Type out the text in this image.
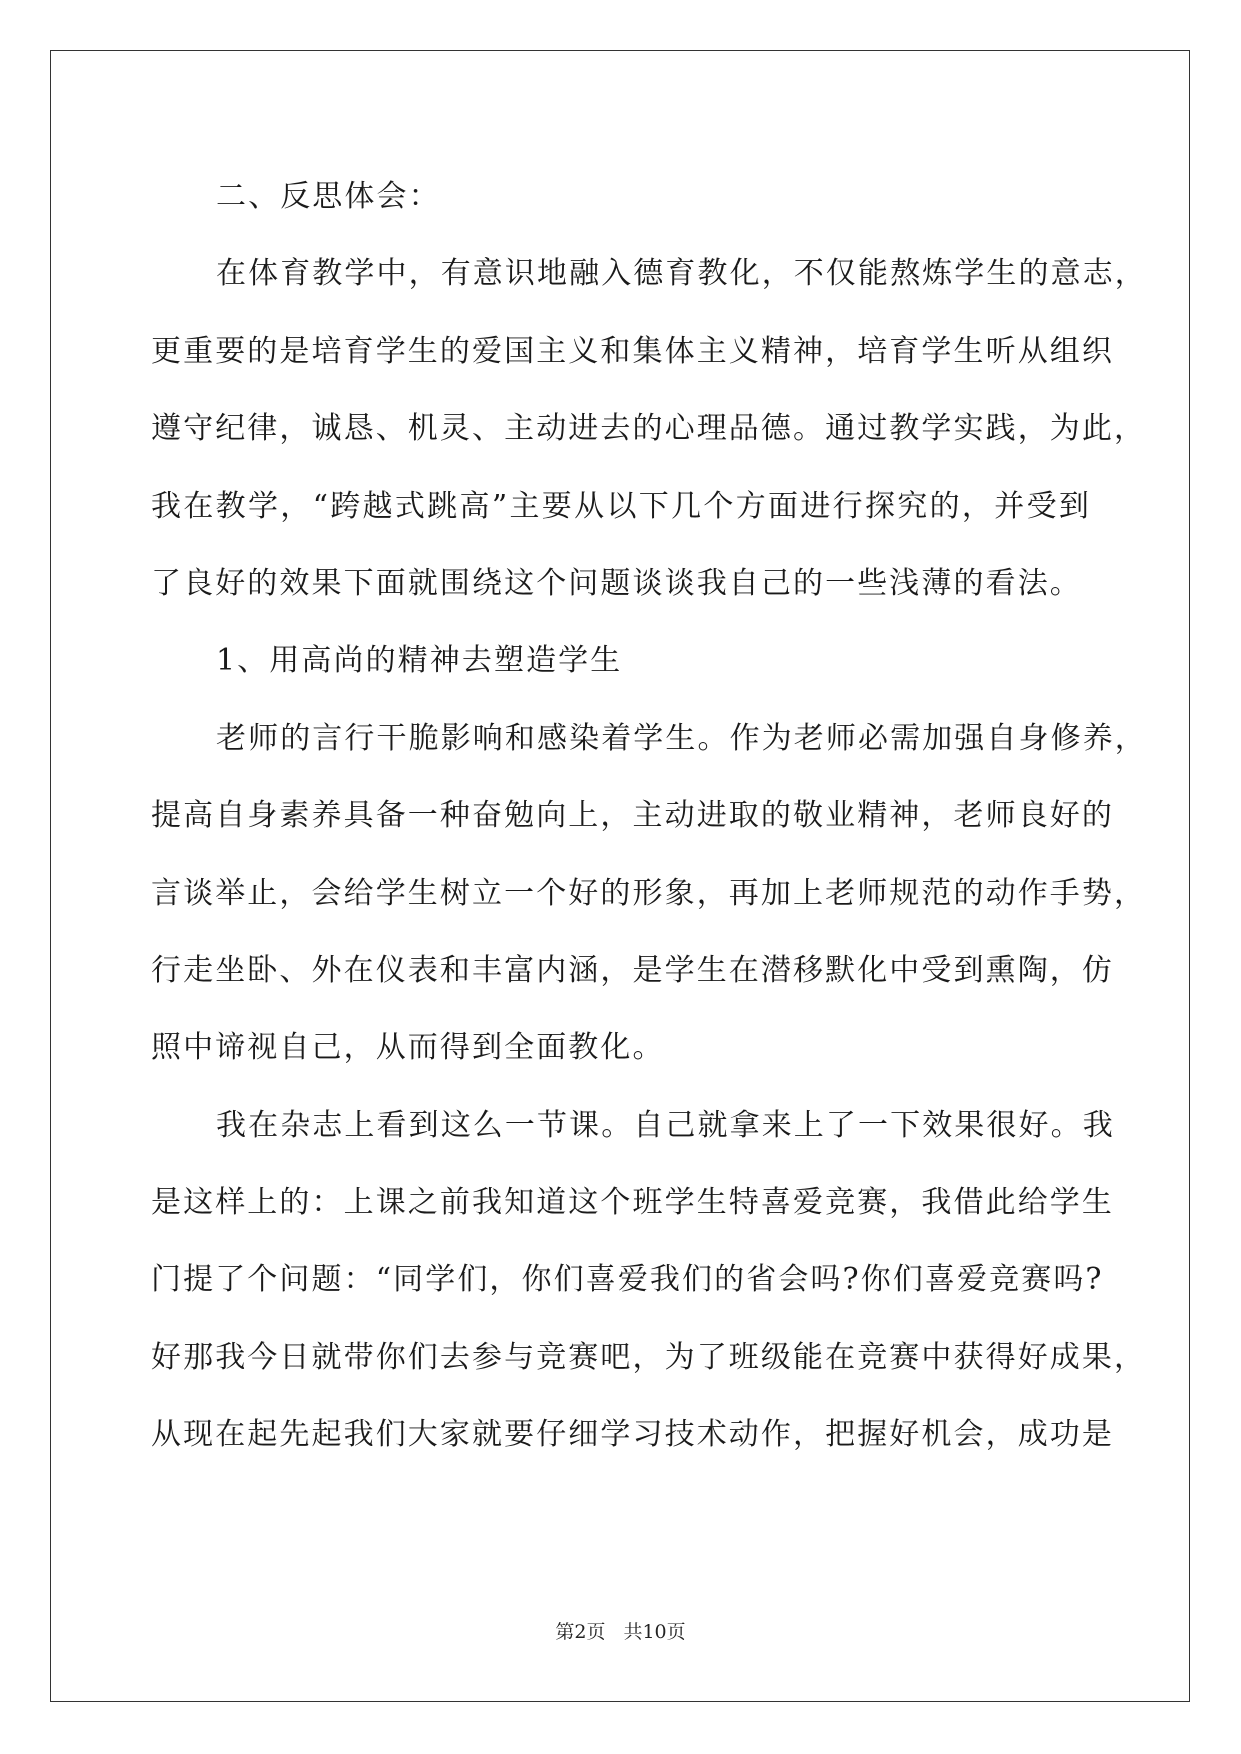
二、反思体会：
在体育教学中，有意识地融入德育教化，不仅能熬炼学生的意志，
更重要的是培育学生的爱国主义和集体主义精神，培育学生听从组织
遵守纪律，诚恳、机灵、主动进去的心理品德。通过教学实践，为此，
我在教学，“跨越式跳高”主要从以下几个方面进行探究的，并受到
了良好的效果下面就围绕这个问题谈谈我自己的一些浅薄的看法。
1、用高尚的精神去塑造学生
老师的言行干脆影响和感染着学生。作为老师必需加强自身修养，
提高自身素养具备一种奋勉向上，主动进取的敬业精神，老师良好的
言谈举止，会给学生树立一个好的形象，再加上老师规范的动作手势，
行走坐卧、外在仪表和丰富内涵，是学生在潜移默化中受到熏陶，仿
照中谛视自己，从而得到全面教化。
我在杂志上看到这么一节课。自己就拿来上了一下效果很好。我
是这样上的：上课之前我知道这个班学生特喜爱竞赛，我借此给学生
门提了个问题：“同学们，你们喜爱我们的省会吗?你们喜爱竞赛吗?
好那我今日就带你们去参与竞赛吧，为了班级能在竞赛中获得好成果，
从现在起先起我们大家就要仔细学习技术动作，把握好机会，成功是
第2页 共10页
